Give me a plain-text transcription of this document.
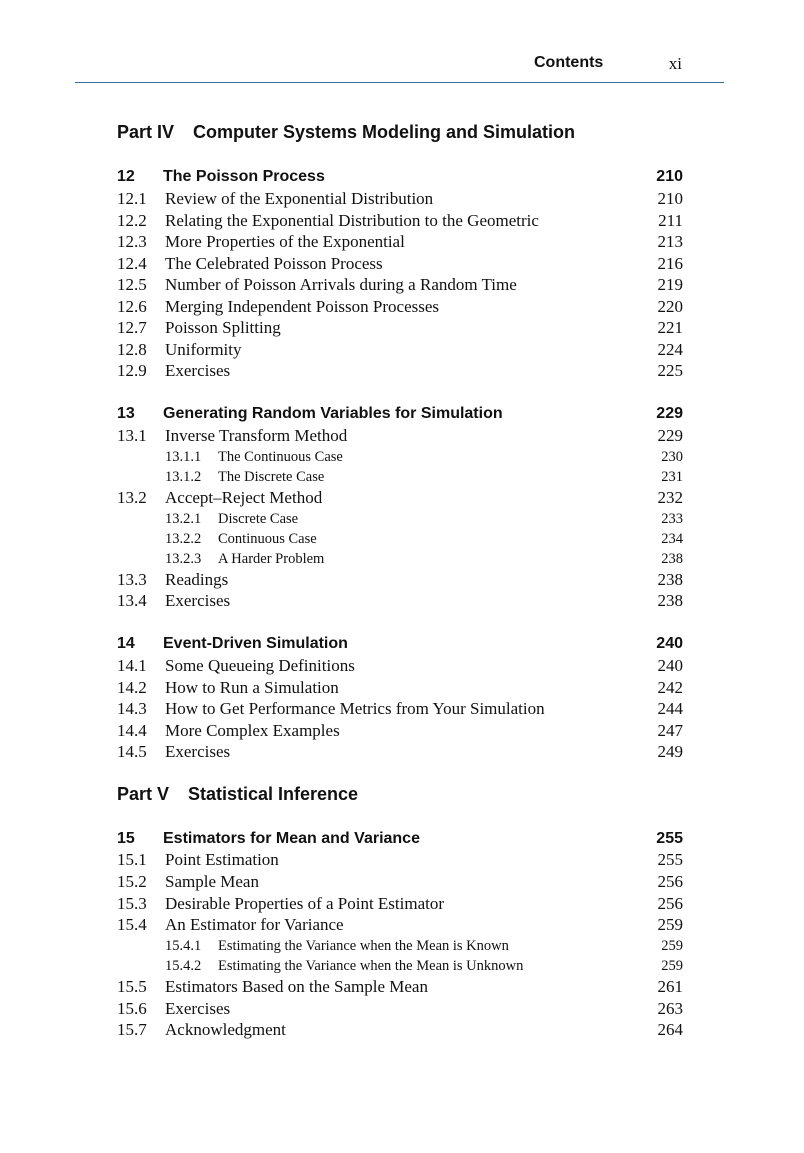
Contents	xi
Part IV Computer Systems Modeling and Simulation
12 The Poisson Process	210
12.1 Review of the Exponential Distribution	210
12.2 Relating the Exponential Distribution to the Geometric	211
12.3 More Properties of the Exponential	213
12.4 The Celebrated Poisson Process	216
12.5 Number of Poisson Arrivals during a Random Time	219
12.6 Merging Independent Poisson Processes	220
12.7 Poisson Splitting	221
12.8 Uniformity	224
12.9 Exercises	225
13 Generating Random Variables for Simulation	229
13.1 Inverse Transform Method	229
13.1.1 The Continuous Case	230
13.1.2 The Discrete Case	231
13.2 Accept–Reject Method	232
13.2.1 Discrete Case	233
13.2.2 Continuous Case	234
13.2.3 A Harder Problem	238
13.3 Readings	238
13.4 Exercises	238
14 Event-Driven Simulation	240
14.1 Some Queueing Definitions	240
14.2 How to Run a Simulation	242
14.3 How to Get Performance Metrics from Your Simulation	244
14.4 More Complex Examples	247
14.5 Exercises	249
Part V Statistical Inference
15 Estimators for Mean and Variance	255
15.1 Point Estimation	255
15.2 Sample Mean	256
15.3 Desirable Properties of a Point Estimator	256
15.4 An Estimator for Variance	259
15.4.1 Estimating the Variance when the Mean is Known	259
15.4.2 Estimating the Variance when the Mean is Unknown	259
15.5 Estimators Based on the Sample Mean	261
15.6 Exercises	263
15.7 Acknowledgment	264
